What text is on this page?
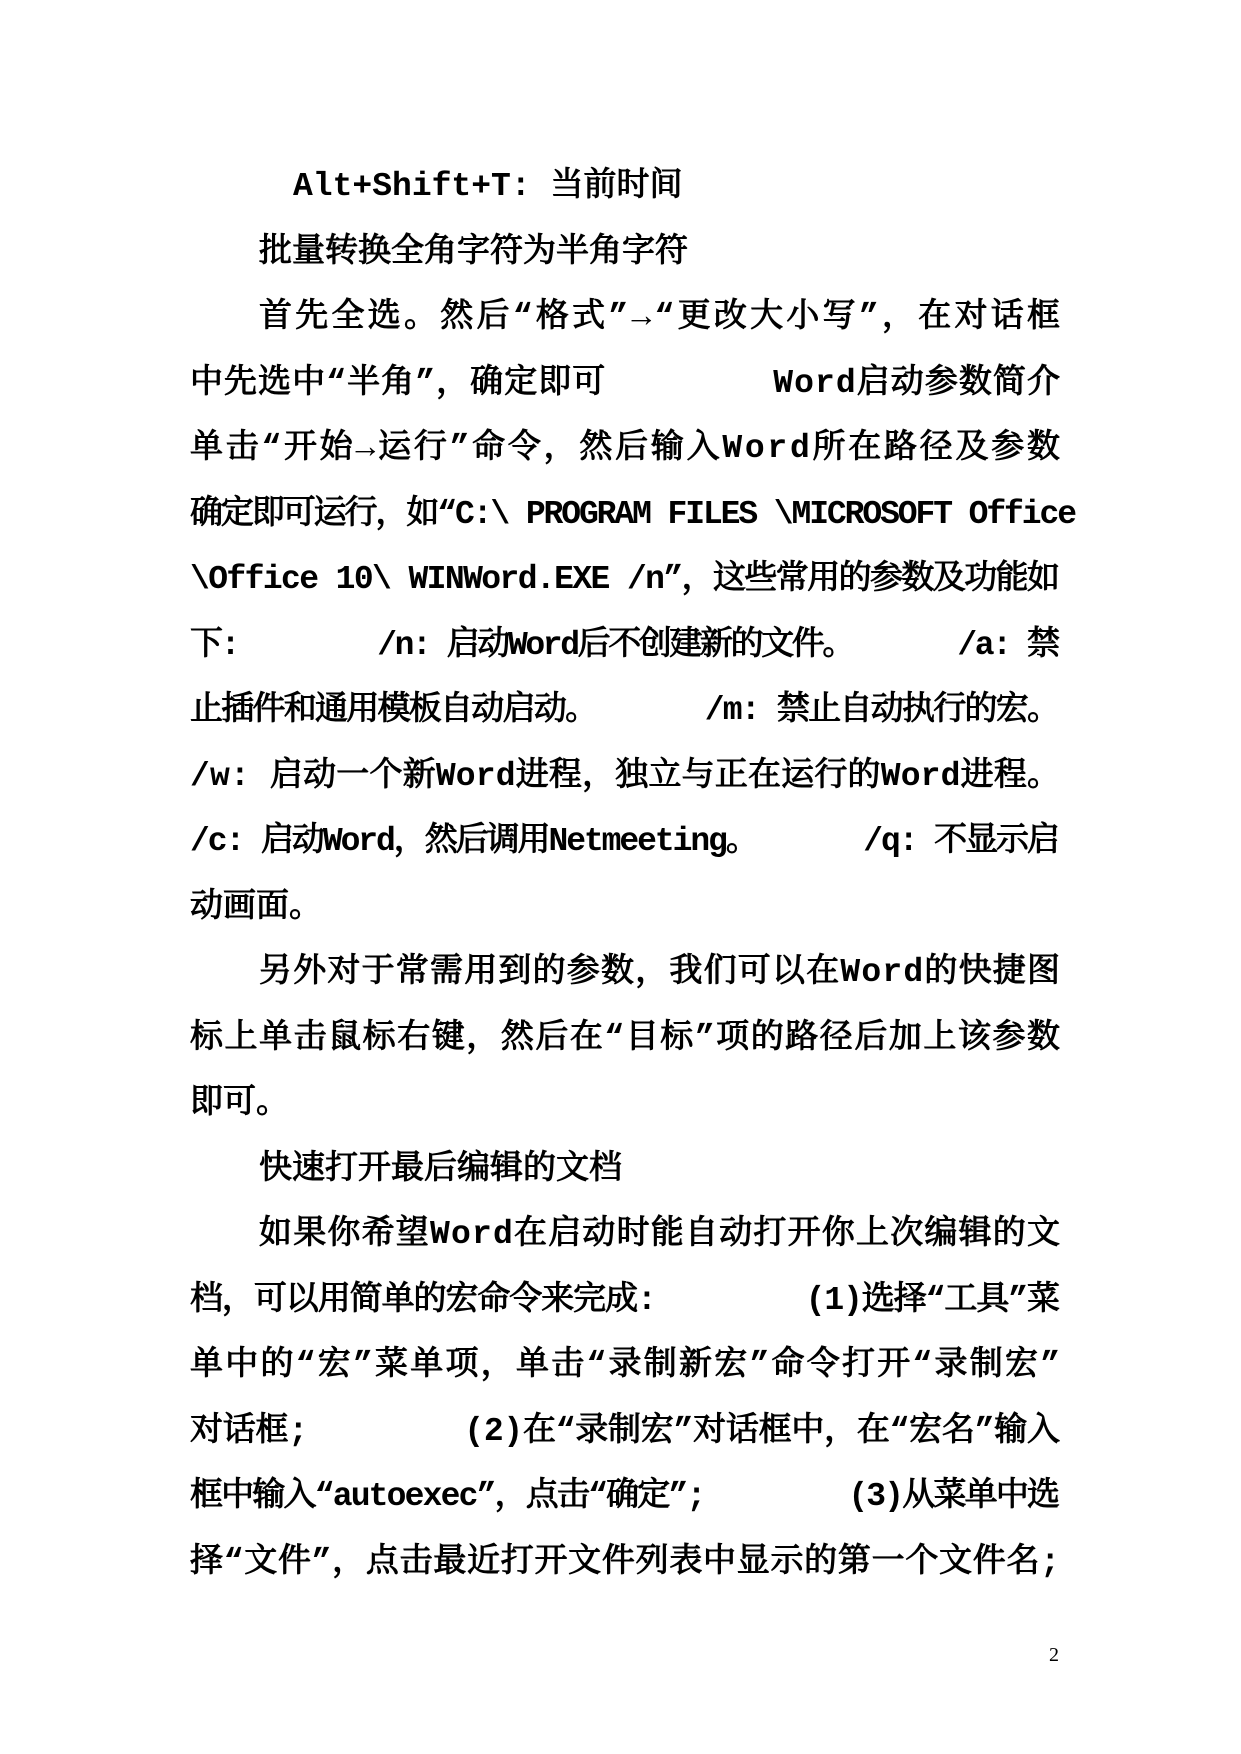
Alt+Shift+T: 当前时间
批量转换全角字符为半角字符
首先全选。然后“格式”→“更改大小写”，在对话框
中先选中“半角”，确定即可        Word启动参数简介
单击“开始→运行”命令，然后输入Word所在路径及参数
确定即可运行，如“C:\ PROGRAM FILES \MICROSOFT Office
\Office 10\ WINWord.EXE /n”，这些常用的参数及功能如
下:        /n: 启动Word后不创建新的文件。      /a: 禁
止插件和通用模板自动启动。      /m: 禁止自动执行的宏。
/w: 启动一个新Word进程，独立与正在运行的Word进程。
/c: 启动Word，然后调用Netmeeting。      /q: 不显示启
动画面。
另外对于常需用到的参数，我们可以在Word的快捷图
标上单击鼠标右键，然后在“目标”项的路径后加上该参数
即可。
快速打开最后编辑的文档
如果你希望Word在启动时能自动打开你上次编辑的文
档，可以用简单的宏命令来完成:        (1)选择“工具”菜
单中的“宏”菜单项，单击“录制新宏”命令打开“录制宏”
对话框;        (2)在“录制宏”对话框中，在“宏名”输入
框中输入“autoexec”，点击“确定”;        (3)从菜单中选
择“文件”，点击最近打开文件列表中显示的第一个文件名;
2
